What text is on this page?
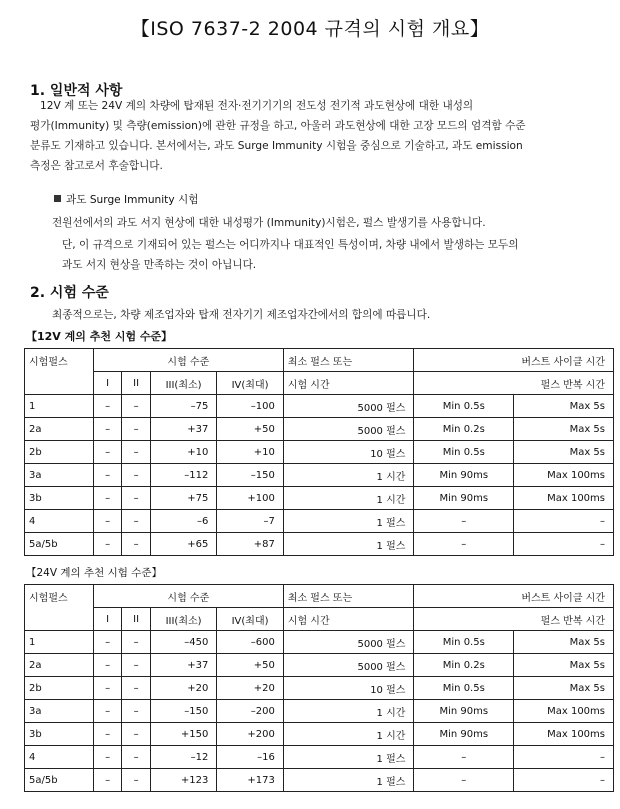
【ISO 7637-2 2004 규격의 시험 개요】
1. 일반적 사항
12V 계 또는 24V 계의 차량에 탑재된 전자·전기기기의 전도성 전기적 과도현상에 대한 내성의
평가(Immunity) 및 측량(emission)에 관한 규정을 하고, 아울러 과도현상에 대한 고장 모드의 엄격함 수준
분류도 기재하고 있습니다. 본서에서는, 과도 Surge Immunity 시험을 중심으로 기술하고, 과도 emission
측정은 참고로서 후술합니다.
과도 Surge Immunity 시험
전원선에서의 과도 서지 현상에 대한 내성평가 (Immunity)시험은, 펄스 발생기를 사용합니다.
단, 이 규격으로 기재되어 있는 펄스는 어디까지나 대표적인 특성이며, 차량 내에서 발생하는 모두의
과도 서지 현상을 만족하는 것이 아닙니다.
2. 시험 수준
최종적으로는, 차량 제조업자와 탑재 전자기기 제조업자간에서의 합의에 따릅니다.
【12V 계의 추천 시험 수준】
시험펄스	시험 수준				최소 펄스 또는	버스트 사이클 시간	
	I	II	III(최소)	IV(최대)	시험 시간	펄스 반복 시간	
1	–	–	–75	–100	5000 펄스	Min 0.5s	Max 5s
2a	–	–	+37	+50	5000 펄스	Min 0.2s	Max 5s
2b	–	–	+10	+10	10 펄스	Min 0.5s	Max 5s
3a	–	–	–112	–150	1 시간	Min 90ms	Max 100ms
3b	–	–	+75	+100	1 시간	Min 90ms	Max 100ms
4	–	–	–6	–7	1 펄스	–	–
5a/5b	–	–	+65	+87	1 펄스	–	–
【24V 계의 추천 시험 수준】
시험펄스	시험 수준				최소 펄스 또는	버스트 사이클 시간	
	I	II	III(최소)	IV(최대)	시험 시간	펄스 반복 시간	
1	–	–	–450	–600	5000 펄스	Min 0.5s	Max 5s
2a	–	–	+37	+50	5000 펄스	Min 0.2s	Max 5s
2b	–	–	+20	+20	10 펄스	Min 0.5s	Max 5s
3a	–	–	–150	–200	1 시간	Min 90ms	Max 100ms
3b	–	–	+150	+200	1 시간	Min 90ms	Max 100ms
4	–	–	–12	–16	1 펄스	–	–
5a/5b	–	–	+123	+173	1 펄스	–	–
